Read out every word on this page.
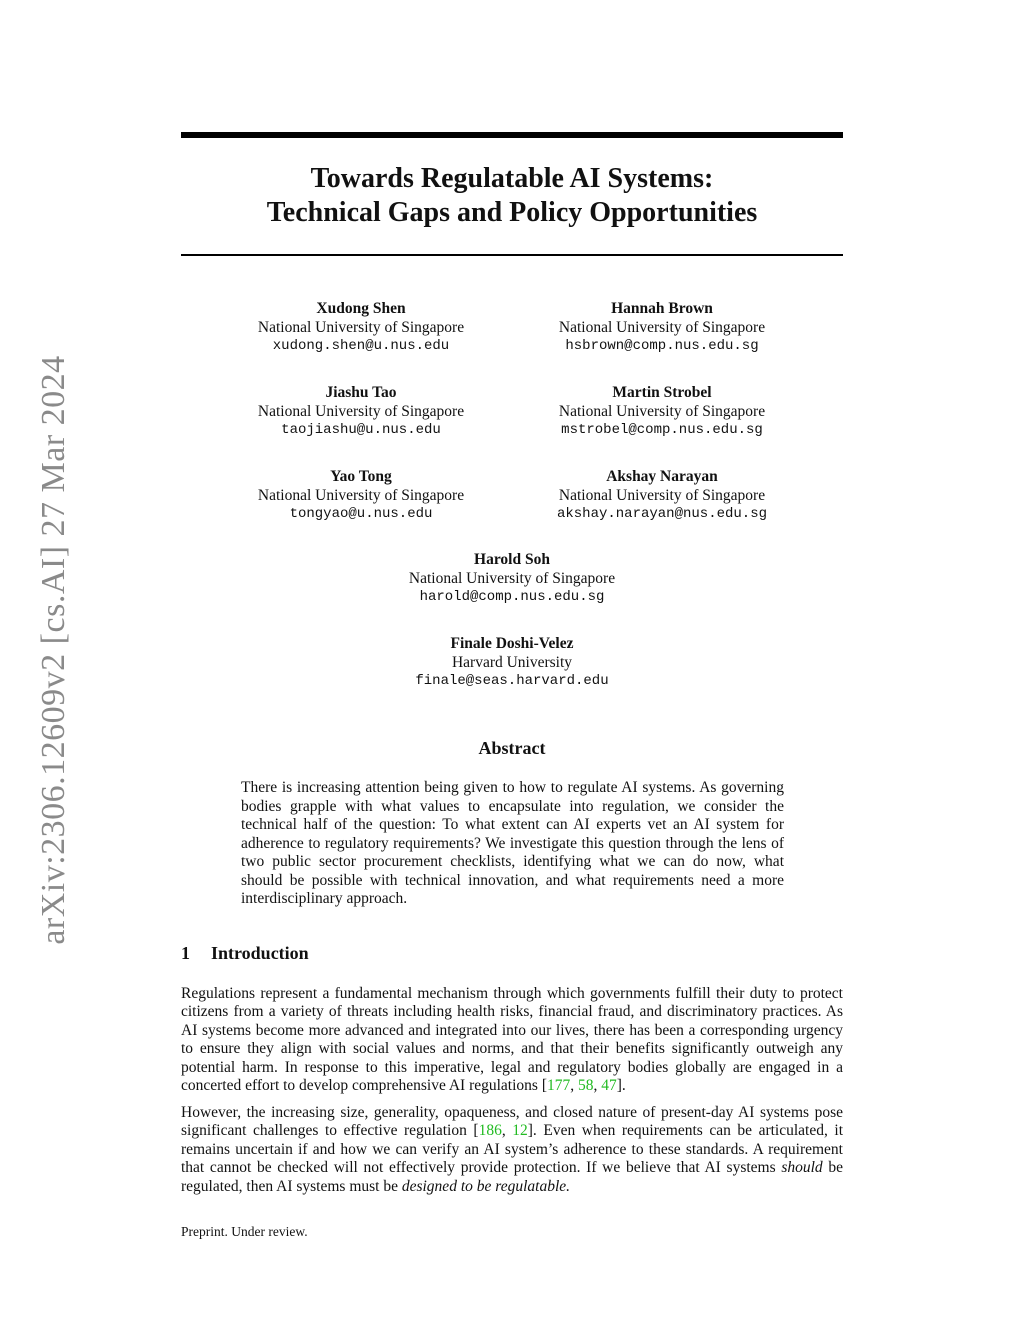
arXiv:2306.12609v2 [cs.AI] 27 Mar 2024
Towards Regulatable AI Systems:
Technical Gaps and Policy Opportunities
Xudong Shen
National University of Singapore
xudong.shen@u.nus.edu
Hannah Brown
National University of Singapore
hsbrown@comp.nus.edu.sg
Jiashu Tao
National University of Singapore
taojiashu@u.nus.edu
Martin Strobel
National University of Singapore
mstrobel@comp.nus.edu.sg
Yao Tong
National University of Singapore
tongyao@u.nus.edu
Akshay Narayan
National University of Singapore
akshay.narayan@nus.edu.sg
Harold Soh
National University of Singapore
harold@comp.nus.edu.sg
Finale Doshi-Velez
Harvard University
finale@seas.harvard.edu
Abstract
There is increasing attention being given to how to regulate AI systems. As governing bodies grapple with what values to encapsulate into regulation, we consider the technical half of the question: To what extent can AI experts vet an AI system for adherence to regulatory requirements? We investigate this question through the lens of two public sector procurement checklists, identifying what we can do now, what should be possible with technical innovation, and what requirements need a more interdisciplinary approach.
1 Introduction
Regulations represent a fundamental mechanism through which governments fulfill their duty to protect citizens from a variety of threats including health risks, financial fraud, and discriminatory practices. As AI systems become more advanced and integrated into our lives, there has been a corresponding urgency to ensure they align with social values and norms, and that their benefits significantly outweigh any potential harm. In response to this imperative, legal and regulatory bodies globally are engaged in a concerted effort to develop comprehensive AI regulations [177, 58, 47].
However, the increasing size, generality, opaqueness, and closed nature of present-day AI systems pose significant challenges to effective regulation [186, 12]. Even when requirements can be articulated, it remains uncertain if and how we can verify an AI system’s adherence to these standards. A requirement that cannot be checked will not effectively provide protection. If we believe that AI systems should be regulated, then AI systems must be designed to be regulatable.
Preprint. Under review.
